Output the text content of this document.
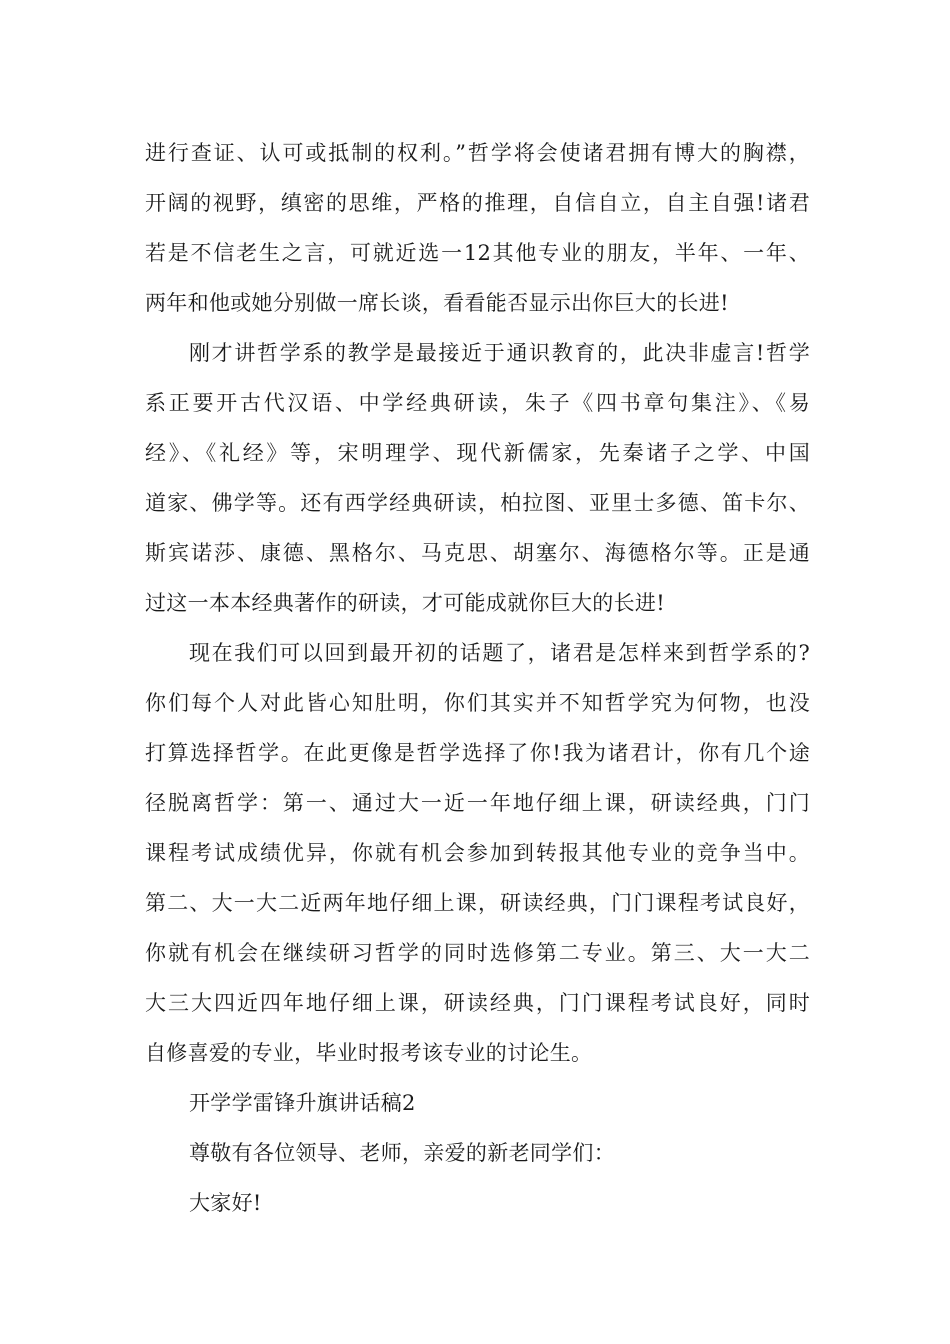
进行查证、认可或抵制的权利。”哲学将会使诸君拥有博大的胸襟，
开阔的视野，缜密的思维，严格的推理，自信自立，自主自强!诸君
若是不信老生之言，可就近选一12其他专业的朋友，半年、一年、
两年和他或她分别做一席长谈，看看能否显示出你巨大的长进!
刚才讲哲学系的教学是最接近于通识教育的，此决非虚言!哲学
系正要开古代汉语、中学经典研读，朱子《四书章句集注》、《易
经》、《礼经》等，宋明理学、现代新儒家，先秦诸子之学、中国
道家、佛学等。还有西学经典研读，柏拉图、亚里士多德、笛卡尔、
斯宾诺莎、康德、黑格尔、马克思、胡塞尔、海德格尔等。正是通
过这一本本经典著作的研读，才可能成就你巨大的长进!
现在我们可以回到最开初的话题了，诸君是怎样来到哲学系的?
你们每个人对此皆心知肚明，你们其实并不知哲学究为何物，也没
打算选择哲学。在此更像是哲学选择了你!我为诸君计，你有几个途
径脱离哲学：第一、通过大一近一年地仔细上课，研读经典，门门
课程考试成绩优异，你就有机会参加到转报其他专业的竞争当中。
第二、大一大二近两年地仔细上课，研读经典，门门课程考试良好，
你就有机会在继续研习哲学的同时选修第二专业。第三、大一大二
大三大四近四年地仔细上课，研读经典，门门课程考试良好，同时
自修喜爱的专业，毕业时报考该专业的讨论生。
开学学雷锋升旗讲话稿2
尊敬有各位领导、老师，亲爱的新老同学们：
大家好!
